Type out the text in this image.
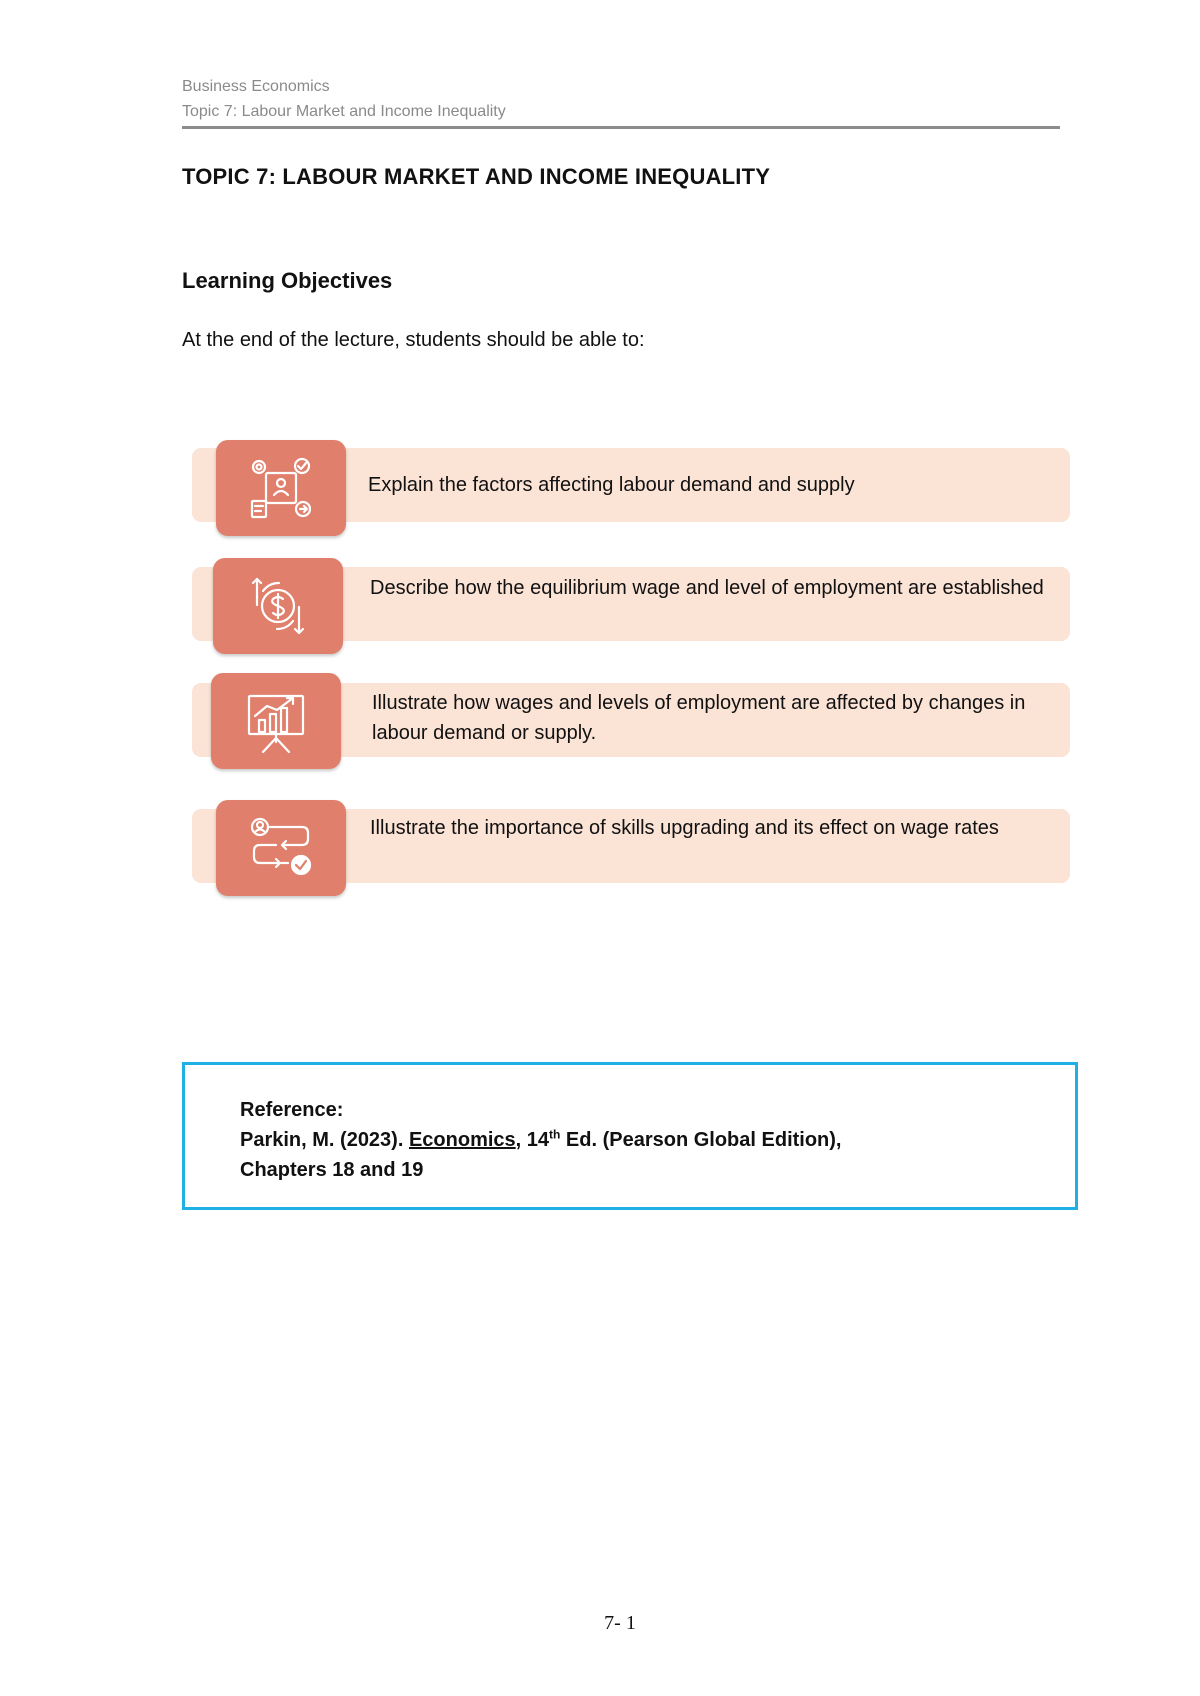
Business Economics
Topic 7: Labour Market and Income Inequality
TOPIC 7: LABOUR MARKET AND INCOME INEQUALITY
Learning Objectives
At the end of the lecture, students should be able to:
Explain the factors affecting labour demand and supply
Describe how the equilibrium wage and level of employment are established
Illustrate how wages and levels of employment are affected by changes in labour demand or supply.
Illustrate the importance of skills upgrading and its effect on wage rates
Reference:
Parkin, M. (2023). Economics, 14th Ed. (Pearson Global Edition),
Chapters 18 and 19
7- 1
